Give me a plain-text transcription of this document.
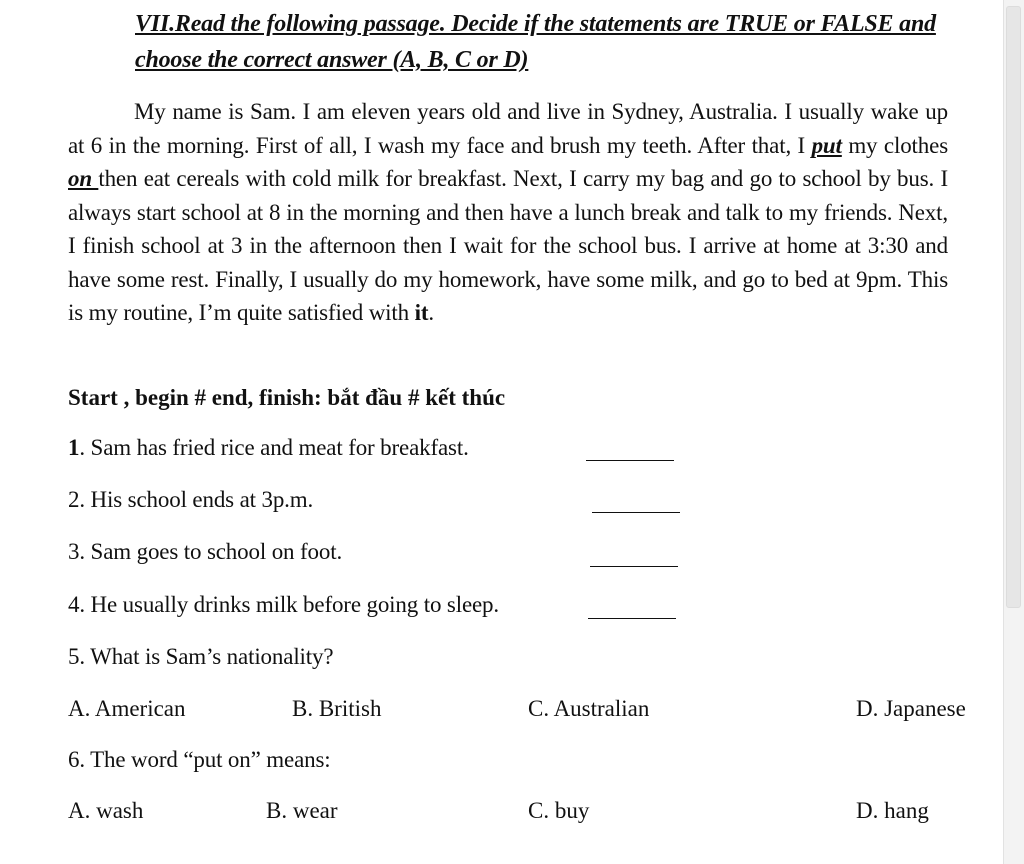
VII.Read the following passage. Decide if the statements are TRUE or FALSE and
choose the correct answer (A, B, C or D)
My name is Sam. I am eleven years old and live in Sydney, Australia. I usually wake up at 6 in the morning. First of all, I wash my face and brush my teeth. After that, I put my clothes on then eat cereals with cold milk for breakfast. Next, I carry my bag and go to school by bus. I always start school at 8 in the morning and then have a lunch break and talk to my friends. Next, I finish school at 3 in the afternoon then I wait for the school bus. I arrive at home at 3:30 and have some rest. Finally, I usually do my homework, have some milk, and go to bed at 9pm. This is my routine, I’m quite satisfied with it.
Start , begin # end, finish: bắt đầu # kết thúc
1. Sam has fried rice and meat for breakfast.
2. His school ends at 3p.m.
3. Sam goes to school on foot.
4. He usually drinks milk before going to sleep.
5. What is Sam’s nationality?
A. American	B. British	C. Australian	D. Japanese
6. The word “put on” means:
A. wash	B. wear	C. buy	D. hang
